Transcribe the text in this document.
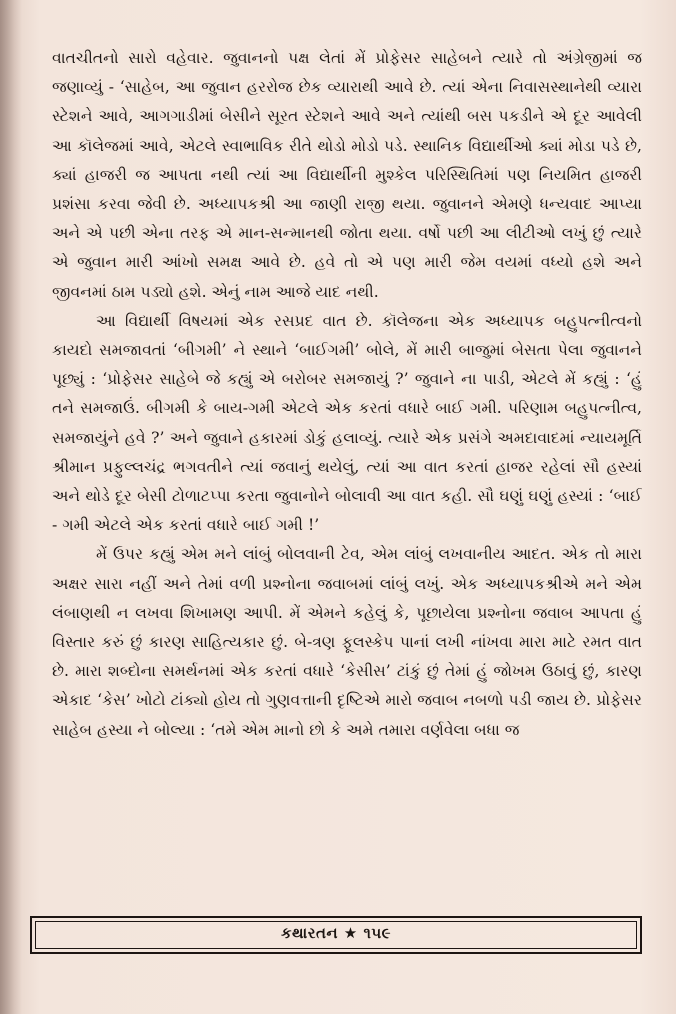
વાતચીતનો સારો વહેવાર. જુવાનનો પક્ષ લેતાં મેં પ્રોફેસર સાહેબને ત્યારે તો અંગ્રેજીમાં જ જણાવ્યું - ‘સાહેબ, આ જુવાન હરરોજ છેક વ્યારાથી આવે છે. ત્યાં એના નિવાસસ્થાનેથી વ્યારા સ્ટેશને આવે, આગગાડીમાં બેસીને સૂરત સ્ટેશને આવે અને ત્યાંથી બસ પકડીને એ દૂર આવેલી આ કૉલેજમાં આવે, એટલે સ્વાભાવિક રીતે થોડો મોડો પડે. સ્થાનિક વિદ્યાર્થીઓ ક્યાં મોડા પડે છે, ક્યાં હાજરી જ આપતા નથી ત્યાં આ વિદ્યાર્થીની મુશ્કેલ પરિસ્થિતિમાં પણ નિયમિત હાજરી પ્રશંસા કરવા જેવી છે. અધ્યાપકશ્રી આ જાણી રાજી થયા. જુવાનને એમણે ધન્યવાદ આપ્યા અને એ પછી એના તરફ એ માન-સન્માનથી જોતા થયા. વર્ષો પછી આ લીટીઓ લખું છું ત્યારે એ જુવાન મારી આંખો સમક્ષ આવે છે. હવે તો એ પણ મારી જેમ વયમાં વધ્યો હશે અને જીવનમાં ઠામ પડ્યો હશે. એનું નામ આજે યાદ નથી.

આ વિદ્યાર્થી વિષયમાં એક રસપ્રદ વાત છે. કૉલેજના એક અધ્યાપક બહુપત્નીત્વનો કાયદો સમજાવતાં ‘બીગમી’ ને સ્થાને ‘બાઈગમી’ બોલે, મેં મારી બાજુમાં બેસતા પેલા જુવાનને પૂછ્યું : ‘પ્રોફેસર સાહેબે જે કહ્યું એ બરોબર સમજાયું ?’ જુવાને ના પાડી, એટલે મેં કહ્યું : ‘હું તને સમજાઉં. બીગમી કે બાય-ગમી એટલે એક કરતાં વધારે બાઈ ગમી. પરિણામ બહુપત્નીત્વ, સમજાયુંને હવે ?’ અને જુવાને હકારમાં ડોકું હલાવ્યું. ત્યારે એક પ્રસંગે અમદાવાદમાં ન્યાયમૂર્તિ શ્રીમાન પ્રફુલ્લચંદ્ર ભગવતીને ત્યાં જવાનું થયેલું, ત્યાં આ વાત કરતાં હાજર રહેલાં સૌ હસ્યાં અને થોડે દૂર બેસી ટોળાટપ્પા કરતા જુવાનોને બોલાવી આ વાત કહી. સૌ ઘણું ઘણું હસ્યાં : ‘બાઈ - ગમી એટલે એક કરતાં વધારે બાઈ ગમી !’

મેં ઉપર કહ્યું એમ મને લાંબું બોલવાની ટેવ, એમ લાંબું લખવાનીય આદત. એક તો મારા અક્ષર સારા નહીં અને તેમાં વળી પ્રશ્નોના જવાબમાં લાંબું લખું. એક અધ્યાપકશ્રીએ મને એમ લંબાણથી ન લખવા શિખામણ આપી. મેં એમને કહેલું કે, પૂછાયેલા પ્રશ્નોના જવાબ આપતા હું વિસ્તાર કરું છું કારણ સાહિત્યકાર છું. બે-ત્રણ ફૂલસ્કેપ પાનાં લખી નાંખવા મારા માટે રમત વાત છે. મારા શબ્દોના સમર્થનમાં એક કરતાં વધારે ‘કેસીસ’ ટાંકું છું તેમાં હું જોખમ ઉઠાવું છું, કારણ એકાદ ‘કેસ’ ખોટો ટાંક્યો હોય તો ગુણવત્તાની દૃષ્ટિએ મારો જવાબ નબળો પડી જાય છે. પ્રોફેસર સાહેબ હસ્યા ને બોલ્યા : ‘તમે એમ માનો છો કે અમે તમારા વર્ણવેલા બધા જ

કથારતન ★ ૧૫૯
